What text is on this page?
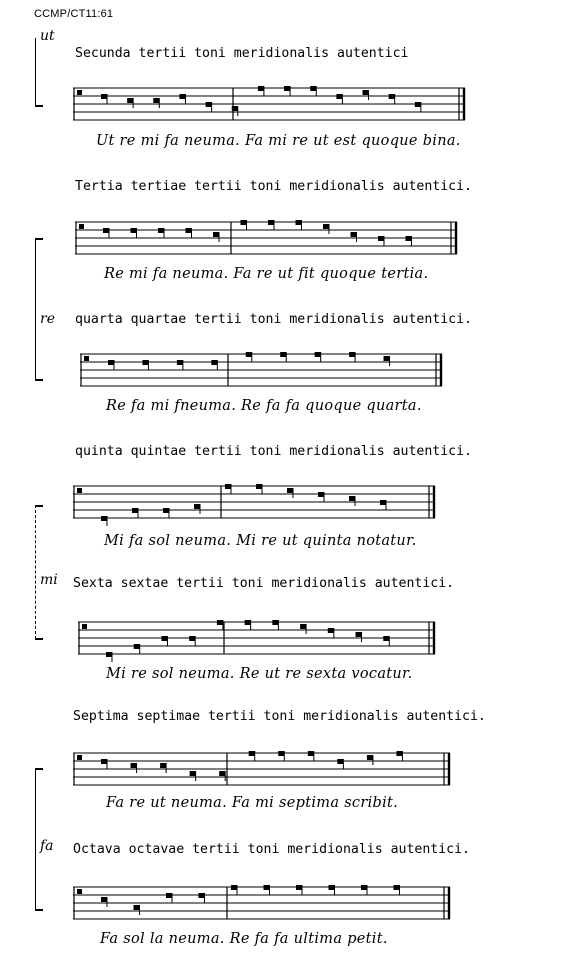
CCMP/CT11:61
ut
re
mi
fa
Secunda tertii toni meridionalis autentici
Ut re mi fa neuma. Fa mi re ut est quoque bina.
Tertia tertiae tertii toni meridionalis autentici.
Re mi fa neuma. Fa re ut fit quoque tertia.
quarta quartae tertii toni meridionalis autentici.
Re fa mi fneuma. Re fa fa quoque quarta.
quinta quintae tertii toni meridionalis autentici.
Mi fa sol neuma. Mi re ut quinta notatur.
Sexta sextae tertii toni meridionalis autentici.
Mi re sol neuma. Re ut re sexta vocatur.
Septima septimae tertii toni meridionalis autentici.
Fa re ut neuma. Fa mi septima scribit.
Octava octavae tertii toni meridionalis autentici.
Fa sol la neuma. Re fa fa ultima petit.
